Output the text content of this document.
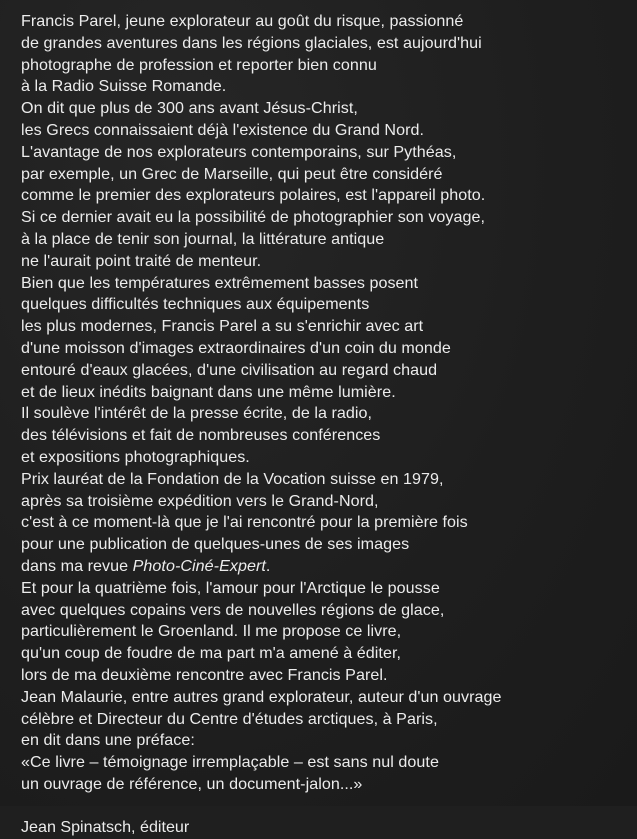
Francis Parel, jeune explorateur au goût du risque, passionné
de grandes aventures dans les régions glaciales, est aujourd'hui
photographe de profession et reporter bien connu
à la Radio Suisse Romande.
On dit que plus de 300 ans avant Jésus-Christ,
les Grecs connaissaient déjà l'existence du Grand Nord.
L'avantage de nos explorateurs contemporains, sur Pythéas,
par exemple, un Grec de Marseille, qui peut être considéré
comme le premier des explorateurs polaires, est l'appareil photo.
Si ce dernier avait eu la possibilité de photographier son voyage,
à la place de tenir son journal, la littérature antique
ne l'aurait point traité de menteur.
Bien que les températures extrêmement basses posent
quelques difficultés techniques aux équipements
les plus modernes, Francis Parel a su s'enrichir avec art
d'une moisson d'images extraordinaires d'un coin du monde
entouré d'eaux glacées, d'une civilisation au regard chaud
et de lieux inédits baignant dans une même lumière.
Il soulève l'intérêt de la presse écrite, de la radio,
des télévisions et fait de nombreuses conférences
et expositions photographiques.
Prix lauréat de la Fondation de la Vocation suisse en 1979,
après sa troisième expédition vers le Grand-Nord,
c'est à ce moment-là que je l'ai rencontré pour la première fois
pour une publication de quelques-unes de ses images
dans ma revue Photo-Ciné-Expert.
Et pour la quatrième fois, l'amour pour l'Arctique le pousse
avec quelques copains vers de nouvelles régions de glace,
particulièrement le Groenland. Il me propose ce livre,
qu'un coup de foudre de ma part m'a amené à éditer,
lors de ma deuxième rencontre avec Francis Parel.
Jean Malaurie, entre autres grand explorateur, auteur d'un ouvrage
célèbre et Directeur du Centre d'études arctiques, à Paris,
en dit dans une préface:
«Ce livre – témoignage irremplaçable – est sans nul doute
un ouvrage de référence, un document-jalon...»
Jean Spinatsch, éditeur
